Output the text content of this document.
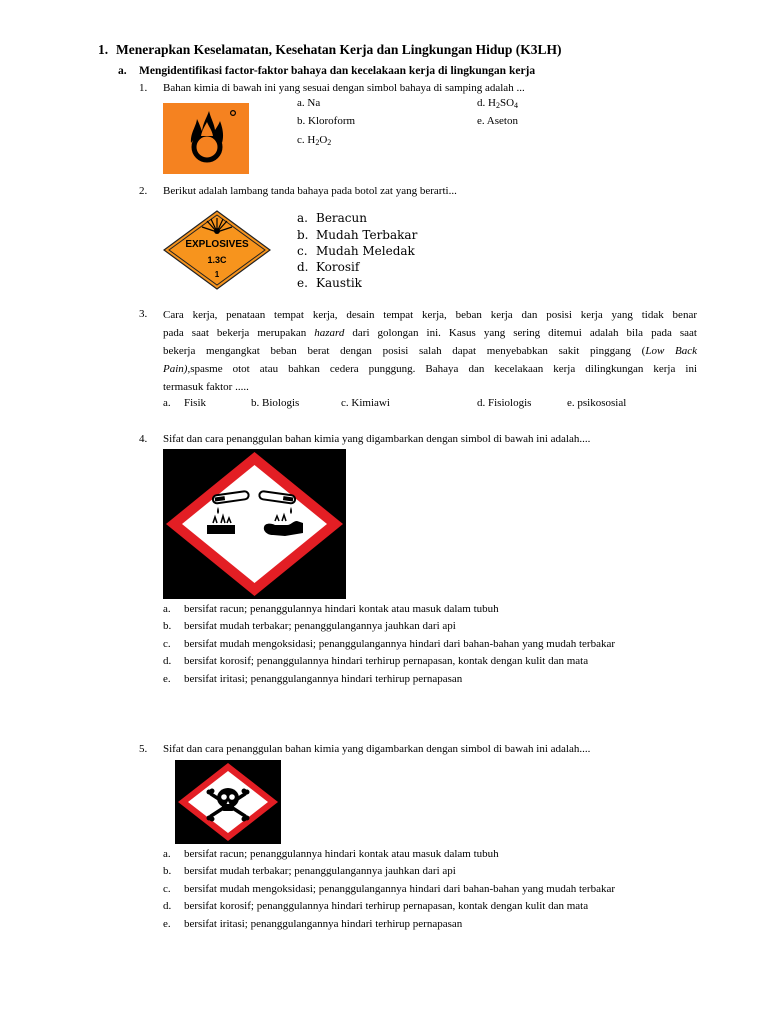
1. Menerapkan Keselamatan, Kesehatan Kerja dan Lingkungan Hidup (K3LH)
a. Mengidentifikasi factor-faktor bahaya dan kecelakaan kerja di lingkungan kerja
1. Bahan kimia di bawah ini yang sesuai dengan simbol bahaya di samping adalah ...
a. Na
b. Kloroform
c. $H_2O_2$
d. $H_2SO_4$
e. Aseton
2. Berikut adalah lambang tanda bahaya pada botol zat yang berarti...
EXPLOSIVES
1.3C
1
a. Beracun
b. Mudah Terbakar
c. Mudah Meledak
d. Korosif
e. Kaustik
3. Cara kerja, penataan tempat kerja, desain tempat kerja, beban kerja dan posisi kerja yang tidak benar
pada saat bekerja merupakan hazard dari golongan ini. Kasus yang sering ditemui adalah bila pada saat
bekerja mengangkat beban berat dengan posisi salah dapat menyebabkan sakit pinggang (Low Back
Pain),spasme otot atau bahkan cedera punggung. Bahaya dan kecelakaan kerja dilingkungan kerja ini
termasuk faktor .....
a. Fisik	b. Biologis	c. Kimiawi	d. Fisiologis	e. psikososial
4. Sifat dan cara penanggulan bahan kimia yang digambarkan dengan simbol di bawah ini adalah....
a. bersifat racun; penanggulannya hindari kontak atau masuk dalam tubuh
b. bersifat mudah terbakar; penanggulangannya jauhkan dari api
c. bersifat mudah mengoksidasi; penanggulangannya hindari dari bahan-bahan yang mudah terbakar
d. bersifat korosif; penanggulannya hindari terhirup pernapasan, kontak dengan kulit dan mata
e. bersifat iritasi; penanggulangannya hindari terhirup pernapasan
5. Sifat dan cara penanggulan bahan kimia yang digambarkan dengan simbol di bawah ini adalah....
a. bersifat racun; penanggulannya hindari kontak atau masuk dalam tubuh
b. bersifat mudah terbakar; penanggulangannya jauhkan dari api
c. bersifat mudah mengoksidasi; penanggulangannya hindari dari bahan-bahan yang mudah terbakar
d. bersifat korosif; penanggulannya hindari terhirup pernapasan, kontak dengan kulit dan mata
e. bersifat iritasi; penanggulangannya hindari terhirup pernapasan
